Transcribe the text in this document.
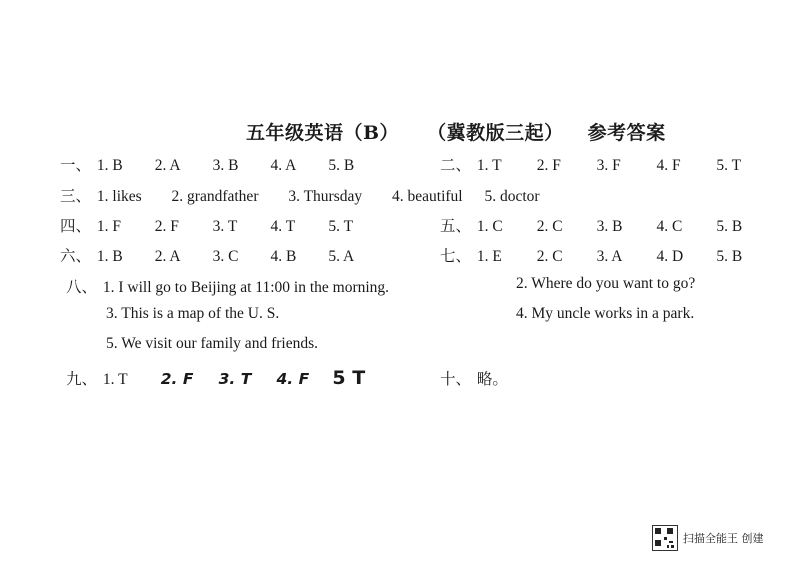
五年级英语（B） （冀教版三起） 参考答案
一、 1. B 2. A 3. B 4. A 5. B	二、 1. T 2. F 3. F 4. F 5. T
三、 1. likes 2. grandfather 3. Thursday 4. beautiful 5. doctor
四、 1. F 2. F 3. T 4. T 5. T	五、 1. C 2. C 3. B 4. C 5. B
六、 1. B 2. A 3. C 4. B 5. A	七、 1. E 2. C 3. A 4. D 5. B
八、 1. I will go to Beijing at 11:00 in the morning.	2. Where do you want to go?
3. This is a map of the U. S.	4. My uncle works in a park.
5. We visit our family and friends.
九、 1. T 2. F 3. T 4. F 5 T	十、 略。
扫描全能王 创建
